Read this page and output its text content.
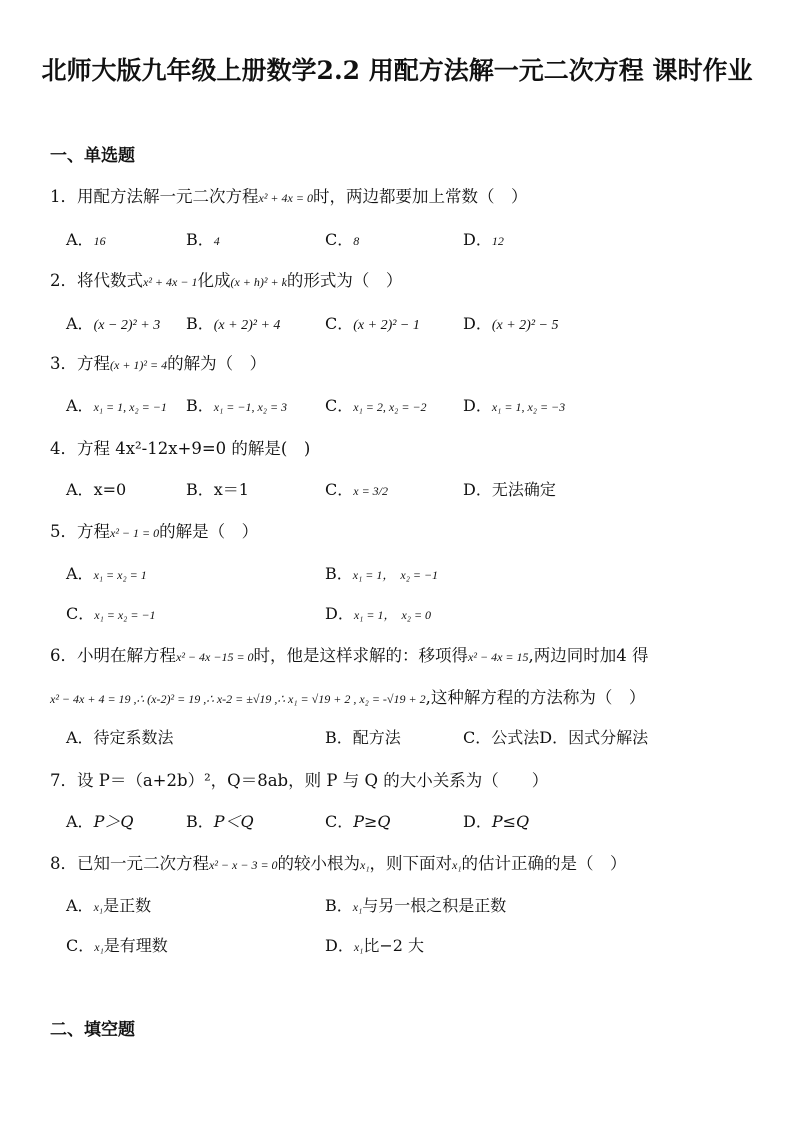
北师大版九年级上册数学2.2 用配方法解一元二次方程 课时作业
一、单选题
1．用配方法解一元二次方程x² + 4x = 0时，两边都要加上常数（　）
A．16	B．4	C．8	D．12
2．将代数式x² + 4x − 1化成(x + h)² + k的形式为（　）
A．(x − 2)² + 3 B．(x + 2)² + 4	C．(x + 2)² − 1	D．(x + 2)² − 5
3．方程(x + 1)² = 4的解为（　）
A．x₁ = 1, x₂ = −1 B．x₁ = −1, x₂ = 3 C．x₁ = 2, x₂ = −2 D．x₁ = 1, x₂ = −3
4．方程 4x²-12x+9=0 的解是(　)
A．x=0	B．x＝1	C．x = 3/2	D．无法确定
5．方程x² − 1 = 0的解是（　）
A．x₁ = x₂ = 1	B．x₁ = 1，　x₂ = −1
C．x₁ = x₂ = −1	D．x₁ = 1，　x₂ = 0
6．小明在解方程x² − 4x −15 = 0时，他是这样求解的：移项得x² − 4x = 15,两边同时加4 得
x² − 4x + 4 = 19 ,∴ (x-2)² = 19 ,∴ x-2 = ±√19 ,∴ x₁ = √19 + 2 , x₂ = -√19 + 2,这种解方程的方法称为（　）
A．待定系数法	B．配方法	C．公式法D．因式分解法
7．设 P＝（a+2b）²，Q＝8ab，则 P 与 Q 的大小关系为（　　）
A．P＞Q	B．P＜Q	C．P≥Q	D．P≤Q
8．已知一元二次方程x² − x − 3 = 0的较小根为x₁，则下面对x₁的估计正确的是（　）
A．x₁是正数	B．x₁与另一根之积是正数
C．x₁是有理数	D．x₁比−2 大
二、填空题
